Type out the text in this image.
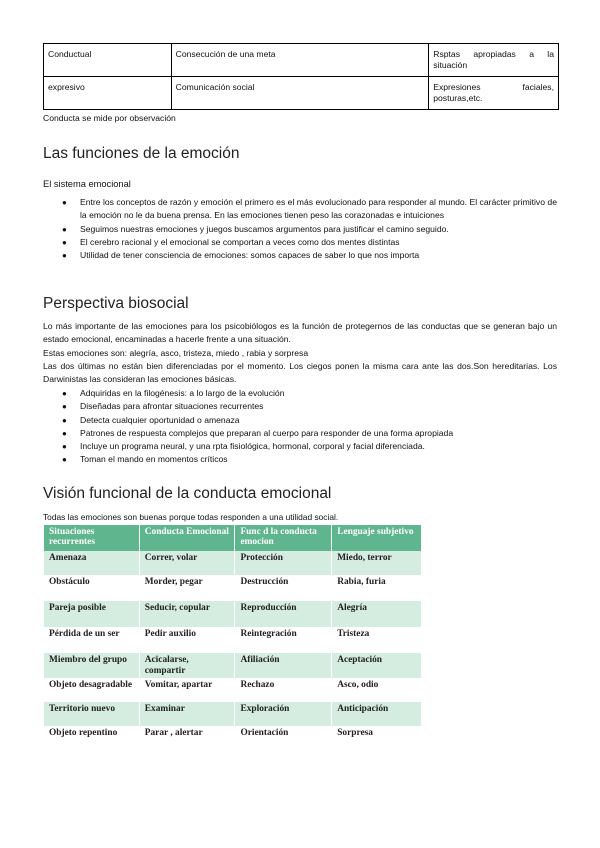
Conductual	Consecución de una meta	Rsptas apropiadas a la situación
expresivo	Comunicación social	Expresiones faciales, posturas,etc.
Conducta se mide por observación
Las funciones de la emoción
El sistema emocional
● Entre los conceptos de razón y emoción el primero es el más evolucionado para responder al mundo. El carácter primitivo de la emoción no le da buena prensa. En las emociones tienen peso las corazonadas e intuiciones
● Seguimos nuestras emociones y juegos buscamos argumentos para justificar el camino seguido.
● El cerebro racional y el emocional se comportan a veces como dos mentes distintas
● Utilidad de tener consciencia de emociones: somos capaces de saber lo que nos importa
Perspectiva biosocial
Lo más importante de las emociones para los psicobiólogos es la función de protegernos de las conductas que se generan bajo un estado emocional, encaminadas a hacerle frente a una situación.
Estas emociones son: alegría, asco, tristeza, miedo , rabia y sorpresa
Las dos últimas no están bien diferenciadas por el momento. Los ciegos ponen la misma cara ante las dos.Son hereditarias. Los Darwinistas las consideran las emociones básicas.
● Adquiridas en la filogénesis: a lo largo de la evolución
● Diseñadas para afrontar situaciones recurrentes
● Detecta cualquier oportunidad o amenaza
● Patrones de respuesta complejos que preparan al cuerpo para responder de una forma apropiada
● Incluye un programa neural, y una rpta fisiológica, hormonal, corporal y facial diferenciada.
● Toman el mando en momentos críticos
Visión funcional de la conducta emocional
Todas las emociones son buenas porque todas responden a una utilidad social.
Situaciones recurrentes	Conducta Emocional	Func d la conducta emocion	Lenguaje subjetivo
Amenaza	Correr, volar	Protección	Miedo, terror
Obstáculo	Morder, pegar	Destrucción	Rabia, furia
Pareja posible	Seducir, copular	Reproducción	Alegría
Pérdida de un ser	Pedir auxilio	Reintegración	Tristeza
Miembro del grupo	Acicalarse, compartir	Afiliación	Aceptación
Objeto desagradable	Vomitar, apartar	Rechazo	Asco, odio
Territorio nuevo	Examinar	Exploración	Anticipación
Objeto repentino	Parar , alertar	Orientación	Sorpresa
